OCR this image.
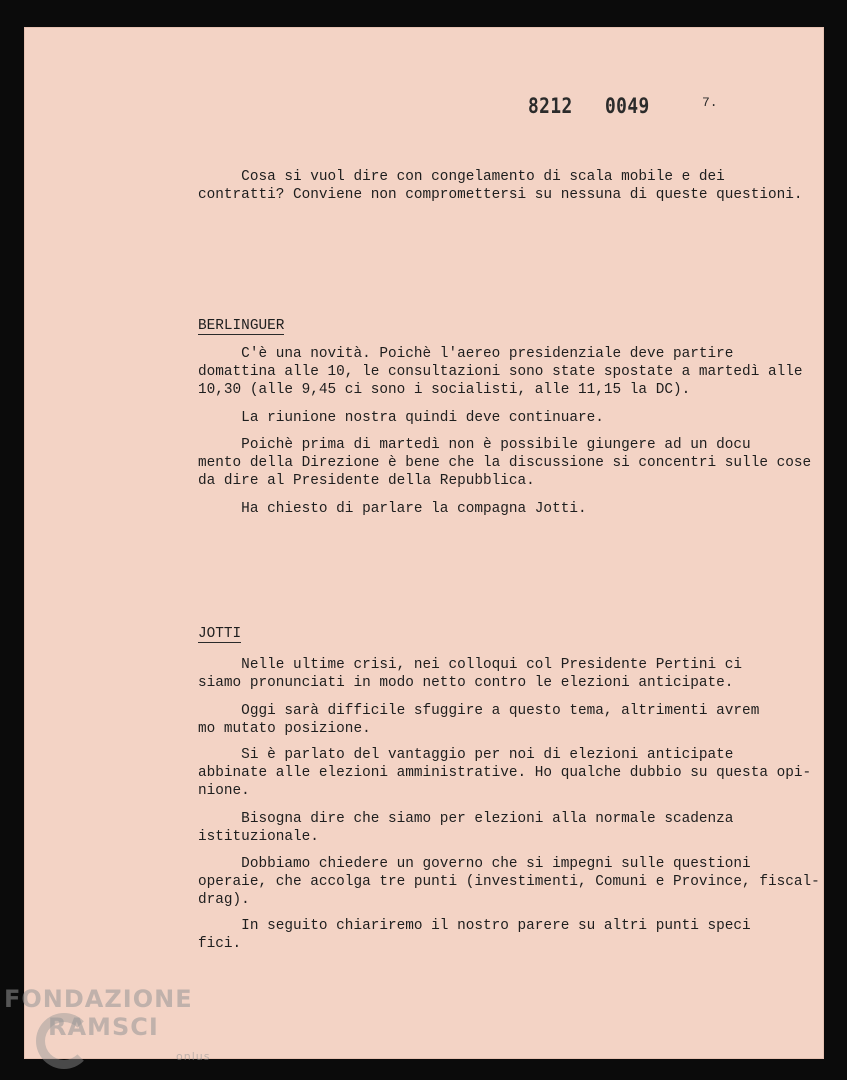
8212 0049	7.
Cosa si vuol dire con congelamento di scala mobile e dei
contratti? Conviene non compromettersi su nessuna di queste
BERLINGUER
C'è una novità. Poichè l'aereo presidenziale deve partire
domattina alle 10, le consultazioni sono state spostate a martedì
10,30 (alle 9,45 ci sono i socialisti, alle 11,15 la DC).
La riunione nostra quindi deve continuare.
Poichè prima di martedì non è possibile giungere ad un docu
mento della Direzione è bene che la discussione si concentri sulle
da dire al Presidente della Repubblica.
Ha chiesto di parlare la compagna Jotti.
JOTTI
Nelle ultime crisi, nei colloqui col Presidente Pertini ci
siamo pronunciati in modo netto contro le elezioni anticipate.
Oggi sarà difficile sfuggire a questo tema, altrimenti avrem
mo mutato posizione.
Si è parlato del vantaggio per noi di elezioni anticipate
abbinate alle elezioni amministrative. Ho qualche dubbio su questa
nione.
Bisogna dire che siamo per elezioni alla normale scadenza
istituzionale.
Dobbiamo chiedere un governo che si impegni sulle questioni
operaie, che accolga tre punti (investimenti, Comuni e Province,
drag).
In seguito chiariremo il nostro parere su altri punti speci
fici.
FONDAZIONE
RAMSCI
onlus
